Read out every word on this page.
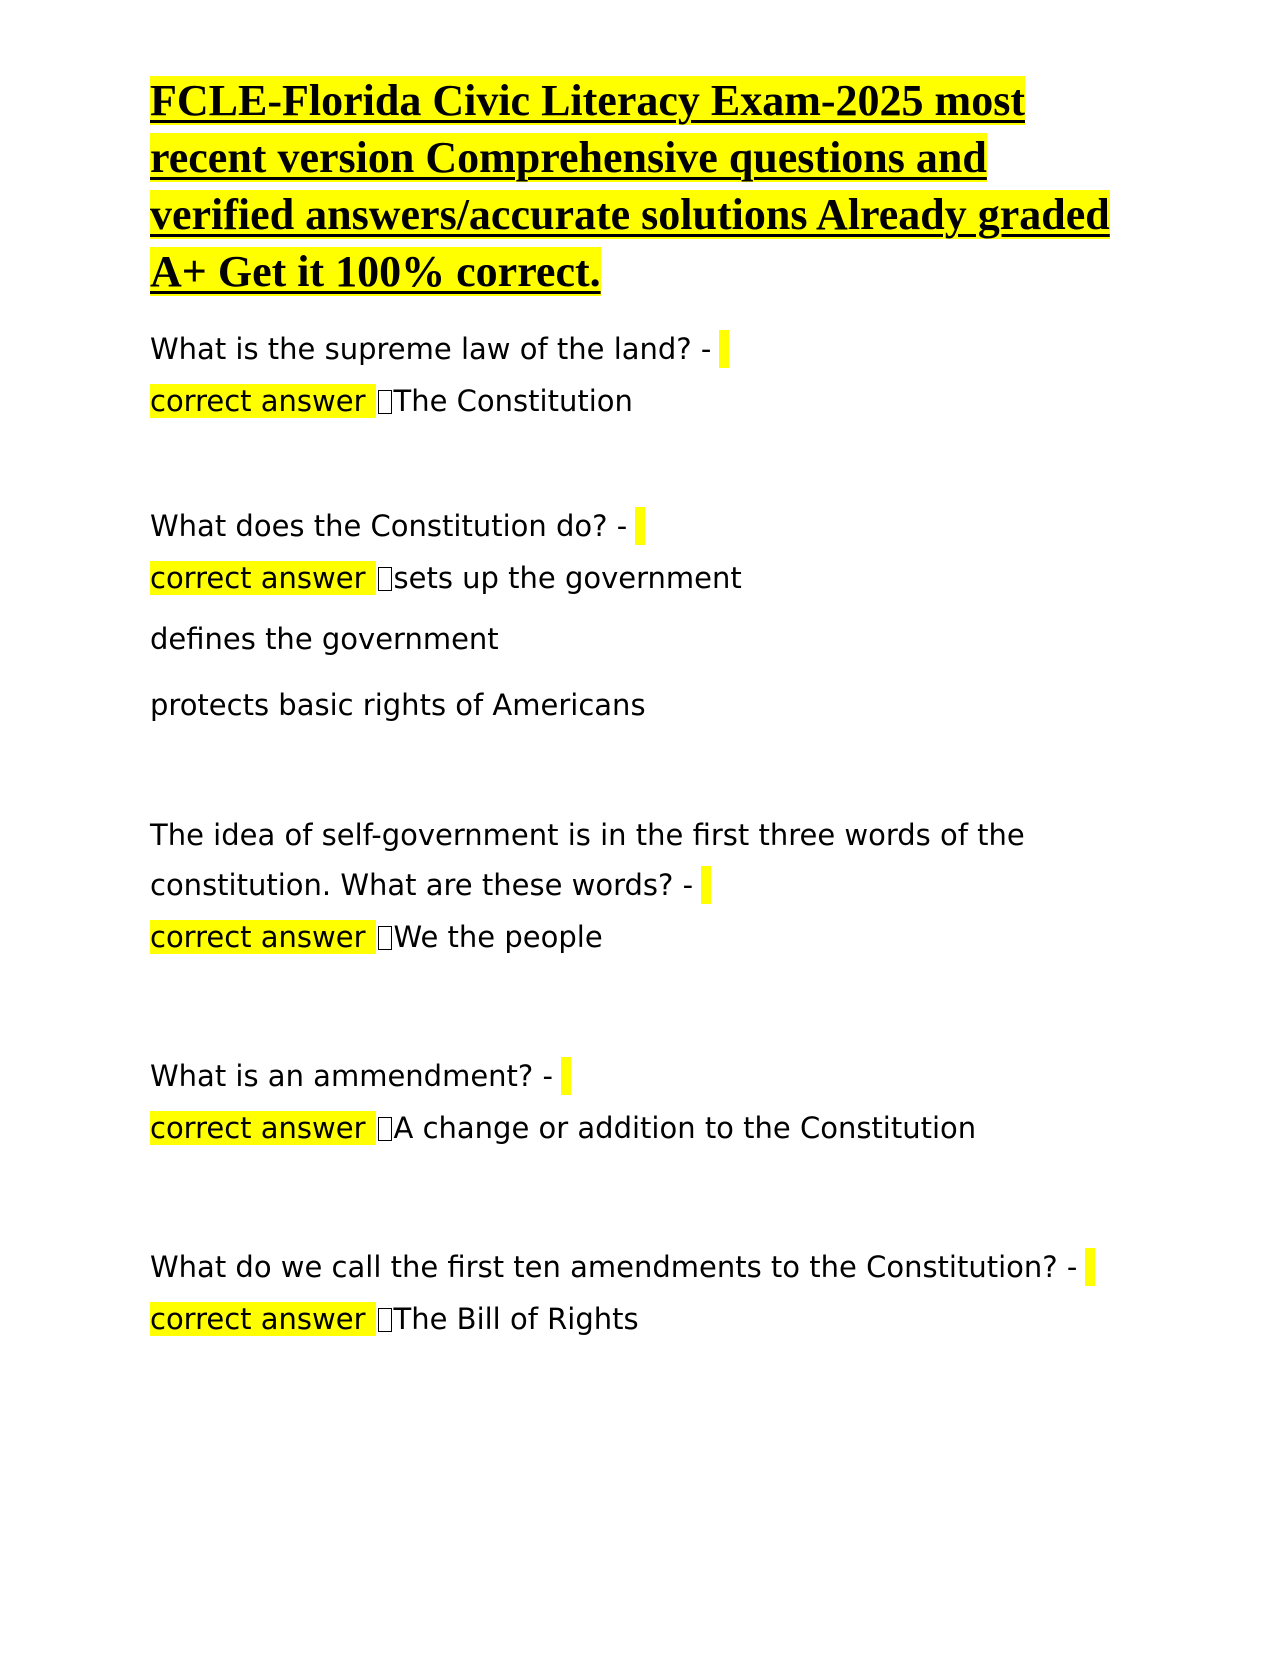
FCLE-Florida Civic Literacy Exam-2025 most recent version Comprehensive questions and verified answers/accurate solutions Already graded A+ Get it 100% correct.

What is the supreme law of the land? -

correct answer The Constitution

What does the Constitution do? -

correct answer sets up the government

defines the government

protects basic rights of Americans

The idea of self-government is in the first three words of the constitution. What are these words? -

correct answer We the people

What is an ammendment? -

correct answer A change or addition to the Constitution

What do we call the first ten amendments to the Constitution? -

correct answer The Bill of Rights
